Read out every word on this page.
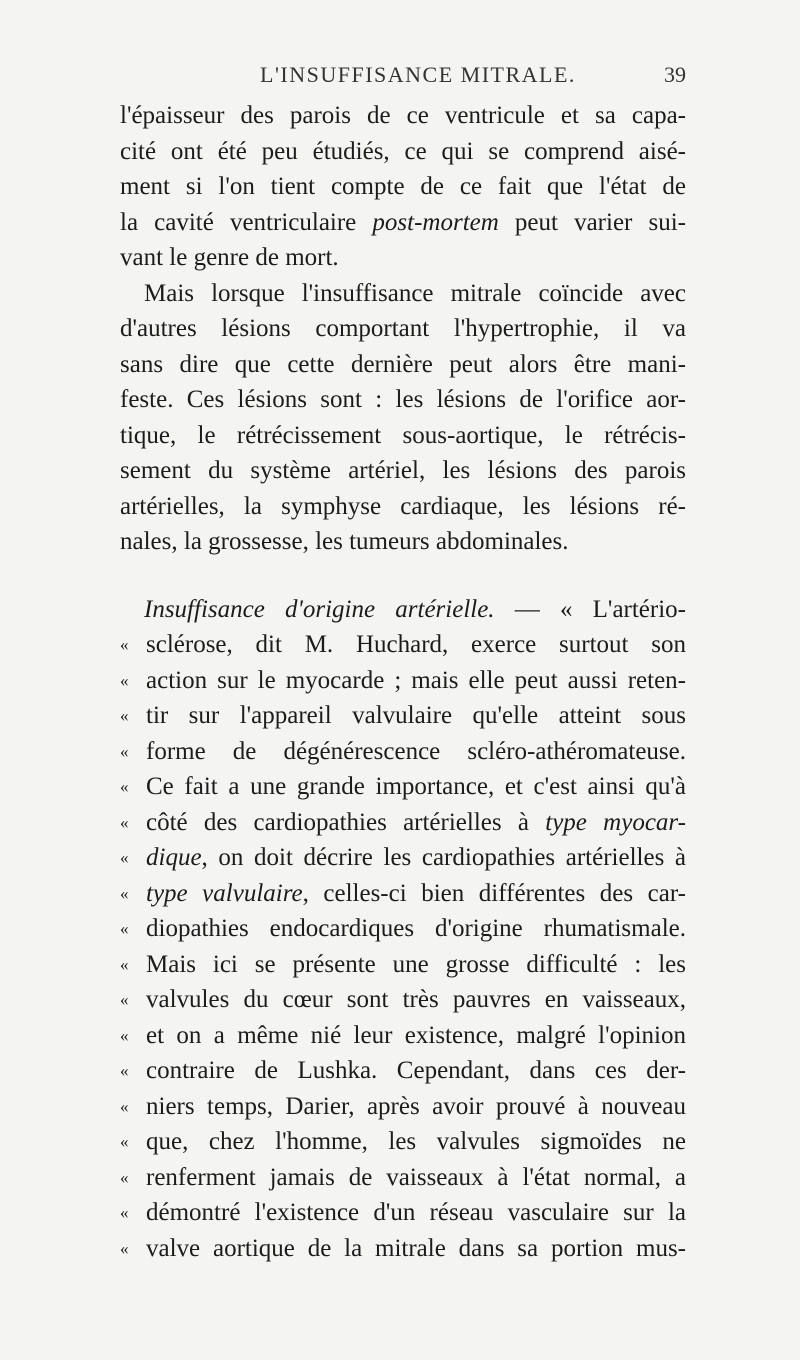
L'INSUFFISANCE MITRALE.	39
l'épaisseur des parois de ce ventricule et sa capa-
cité ont été peu étudiés, ce qui se comprend aisé-
ment si l'on tient compte de ce fait que l'état de
la cavité ventriculaire post-mortem peut varier sui-
vant le genre de mort.
Mais lorsque l'insuffisance mitrale coïncide avec
d'autres lésions comportant l'hypertrophie, il va
sans dire que cette dernière peut alors être mani-
feste. Ces lésions sont : les lésions de l'orifice aor-
tique, le rétrécissement sous-aortique, le rétrécis-
sement du système artériel, les lésions des parois
artérielles, la symphyse cardiaque, les lésions ré-
nales, la grossesse, les tumeurs abdominales.
Insuffisance d'origine artérielle. — « L'artério-
« sclérose, dit M. Huchard, exerce surtout son
« action sur le myocarde ; mais elle peut aussi reten-
« tir sur l'appareil valvulaire qu'elle atteint sous
« forme de dégénérescence scléro-athéromateuse.
« Ce fait a une grande importance, et c'est ainsi qu'à
« côté des cardiopathies artérielles à type myocar-
« dique, on doit décrire les cardiopathies artérielles à
« type valvulaire, celles-ci bien différentes des car-
« diopathies endocardiques d'origine rhumatismale.
« Mais ici se présente une grosse difficulté : les
« valvules du cœur sont très pauvres en vaisseaux,
« et on a même nié leur existence, malgré l'opinion
« contraire de Lushka. Cependant, dans ces der-
« niers temps, Darier, après avoir prouvé à nouveau
« que, chez l'homme, les valvules sigmoïdes ne
« renferment jamais de vaisseaux à l'état normal, a
« démontré l'existence d'un réseau vasculaire sur la
« valve aortique de la mitrale dans sa portion mus-
